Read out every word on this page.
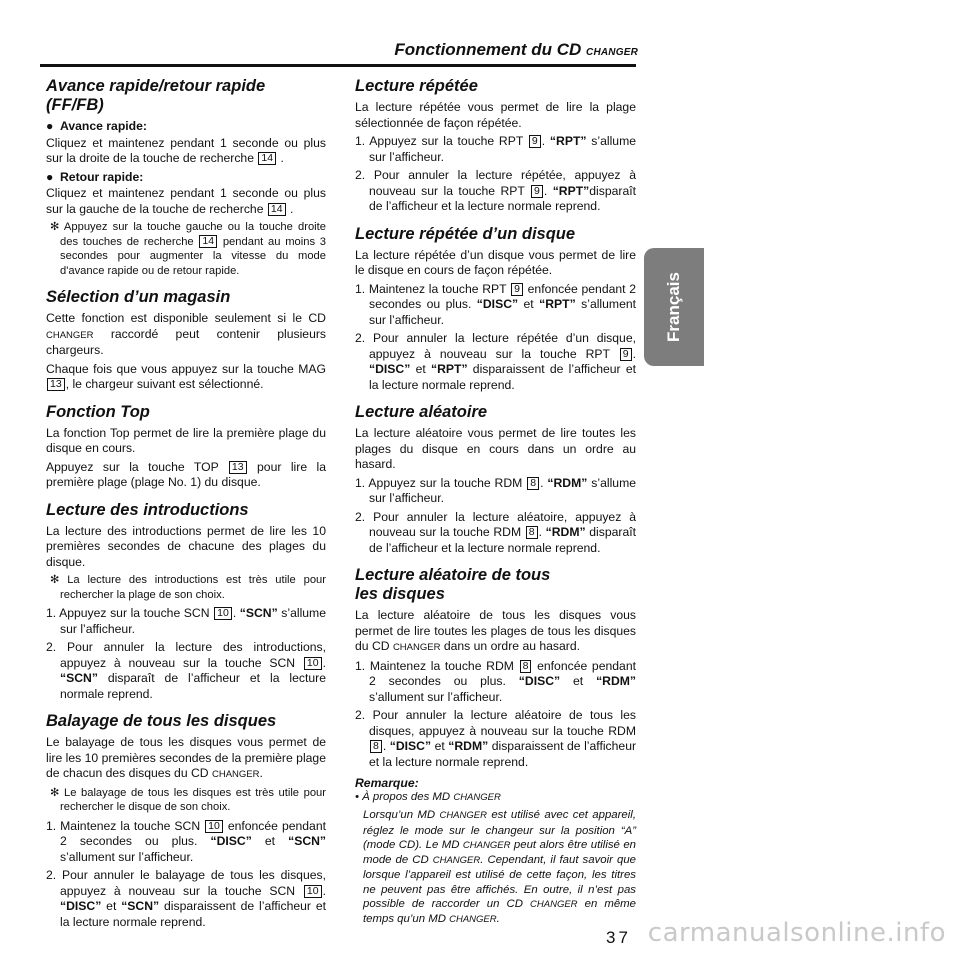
Fonctionnement du CD CHANGER
Français
Avance rapide/retour rapide (FF/FB)

● Avance rapide:

Cliquez et maintenez pendant 1 seconde ou plus sur la droite de la touche de recherche 14 .

● Retour rapide:

Cliquez et maintenez pendant 1 seconde ou plus sur la gauche de la touche de recherche 14 .

✻ Appuyez sur la touche gauche ou la touche droite des touches de recherche 14 pendant au moins 3 secondes pour augmenter la vitesse du mode d'avance rapide ou de retour rapide.

Sélection d’un magasin

Cette fonction est disponible seulement si le CD CHANGER raccordé peut contenir plusieurs chargeurs.

Chaque fois que vous appuyez sur la touche MAG 13 , le chargeur suivant est sélectionné.

Fonction Top

La fonction Top permet de lire la première plage du disque en cours.

Appuyez sur la touche TOP 13 pour lire la première plage (plage No. 1) du disque.

Lecture des introductions

La lecture des introductions permet de lire les 10 premières secondes de chacune des plages du disque.

✻ La lecture des introductions est très utile pour rechercher la plage de son choix.

1. Appuyez sur la touche SCN 10 . “SCN” s’allume sur l’afficheur.

2. Pour annuler la lecture des introductions, appuyez à nouveau sur la touche SCN 10 . “SCN” disparaît de l’afficheur et la lecture normale reprend.

Balayage de tous les disques

Le balayage de tous les disques vous permet de lire les 10 premières secondes de la première plage de chacun des disques du CD CHANGER.

✻ Le balayage de tous les disques est très utile pour rechercher le disque de son choix.

1. Maintenez la touche SCN 10 enfoncée pendant 2 secondes ou plus. “DISC” et “SCN” s’allument sur l’afficheur.

2. Pour annuler le balayage de tous les disques, appuyez à nouveau sur la touche SCN 10 . “DISC” et “SCN” disparaissent de l’afficheur et la lecture normale reprend.

Lecture répétée

La lecture répétée vous permet de lire la plage sélectionnée de façon répétée.

1. Appuyez sur la touche RPT 9 . “RPT” s’allume sur l’afficheur.

2. Pour annuler la lecture répétée, appuyez à nouveau sur la touche RPT 9 . “RPT”disparaît de l’afficheur et la lecture normale reprend.

Lecture répétée d’un disque

La lecture répétée d’un disque vous permet de lire le disque en cours de façon répétée.

1. Maintenez la touche RPT 9 enfoncée pendant 2 secondes ou plus. “DISC” et “RPT” s’allument sur l’afficheur.

2. Pour annuler la lecture répétée d’un disque, appuyez à nouveau sur la touche RPT 9 . “DISC” et “RPT” disparaissent de l’afficheur et la lecture normale reprend.

Lecture aléatoire

La lecture aléatoire vous permet de lire toutes les plages du disque en cours dans un ordre au hasard.

1. Appuyez sur la touche RDM 8 . “RDM” s’allume sur l’afficheur.

2. Pour annuler la lecture aléatoire, appuyez à nouveau sur la touche RDM 8 . “RDM” disparaît de l’afficheur et la lecture normale reprend.

Lecture aléatoire de tous
les disques

La lecture aléatoire de tous les disques vous permet de lire toutes les plages de tous les disques du CD CHANGER dans un ordre au hasard.

1. Maintenez la touche RDM 8 enfoncée pendant 2 secondes ou plus. “DISC” et “RDM” s’allument sur l’afficheur.

2. Pour annuler la lecture aléatoire de tous les disques, appuyez à nouveau sur la touche RDM 8 . “DISC” et “RDM” disparaissent de l’afficheur et la lecture normale reprend.

Remarque:

• À propos des MD CHANGER

Lorsqu’un MD CHANGER est utilisé avec cet appareil, réglez le mode sur le changeur sur la position “A” (mode CD). Le MD CHANGER peut alors être utilisé en mode de CD CHANGER. Cependant, il faut savoir que lorsque l’appareil est utilisé de cette façon, les titres ne peuvent pas être affichés. En outre, il n’est pas possible de raccorder un CD CHANGER en même temps qu’un MD CHANGER.

37 carmanualsonline.info
